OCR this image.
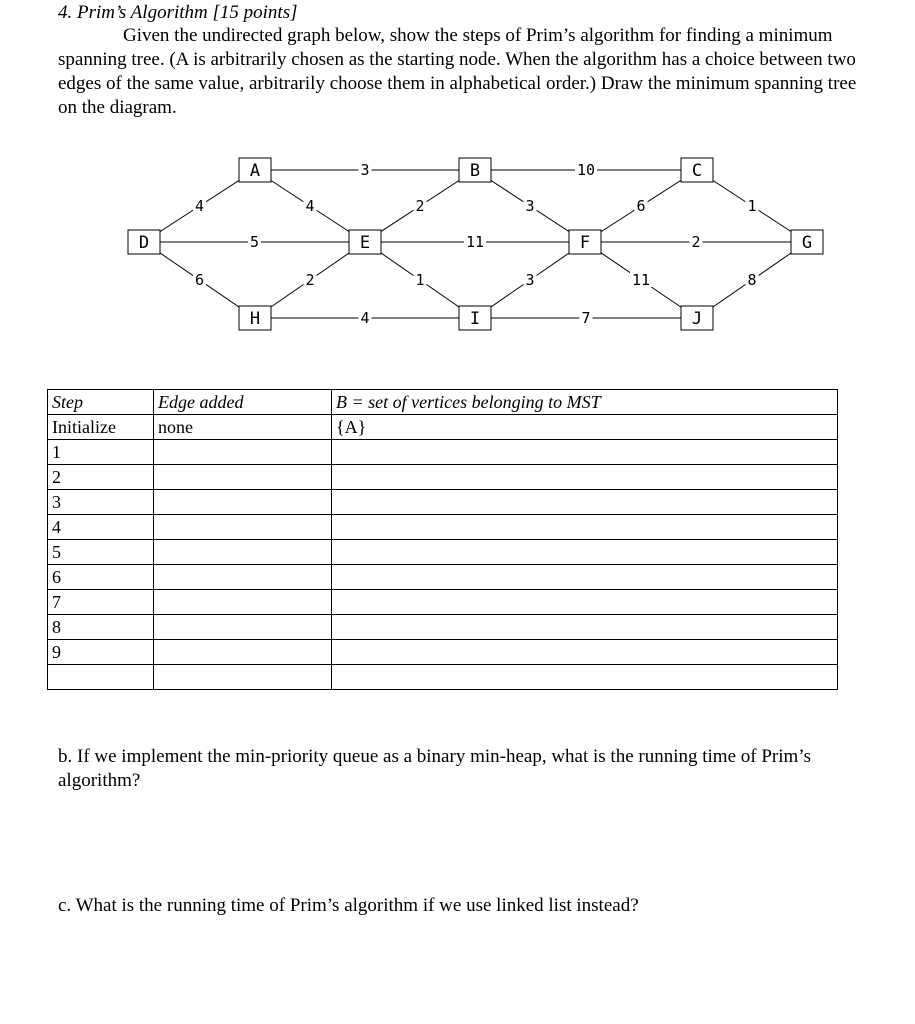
4. Prim’s Algorithm [15 points]
Given the undirected graph below, show the steps of Prim’s algorithm for finding a minimum spanning tree. (A is arbitrarily chosen as the starting node. When the algorithm has a choice between two edges of the same value, arbitrarily choose them in alphabetical order.) Draw the minimum spanning tree on the diagram.
4
3
2
10
3	6	1
4
5
6
11
1
2
11
2
4
3
7
8
A	B	C
D	E	F	G
H	I	J
Step	Edge added	B = set of vertices belonging to MST
Initialize	none	{A}
1		
2		
3		
4		
5		
6		
7		
8		
9		

b. If we implement the min-priority queue as a binary min-heap, what is the running time of Prim’s algorithm?
c. What is the running time of Prim’s algorithm if we use linked list instead?
